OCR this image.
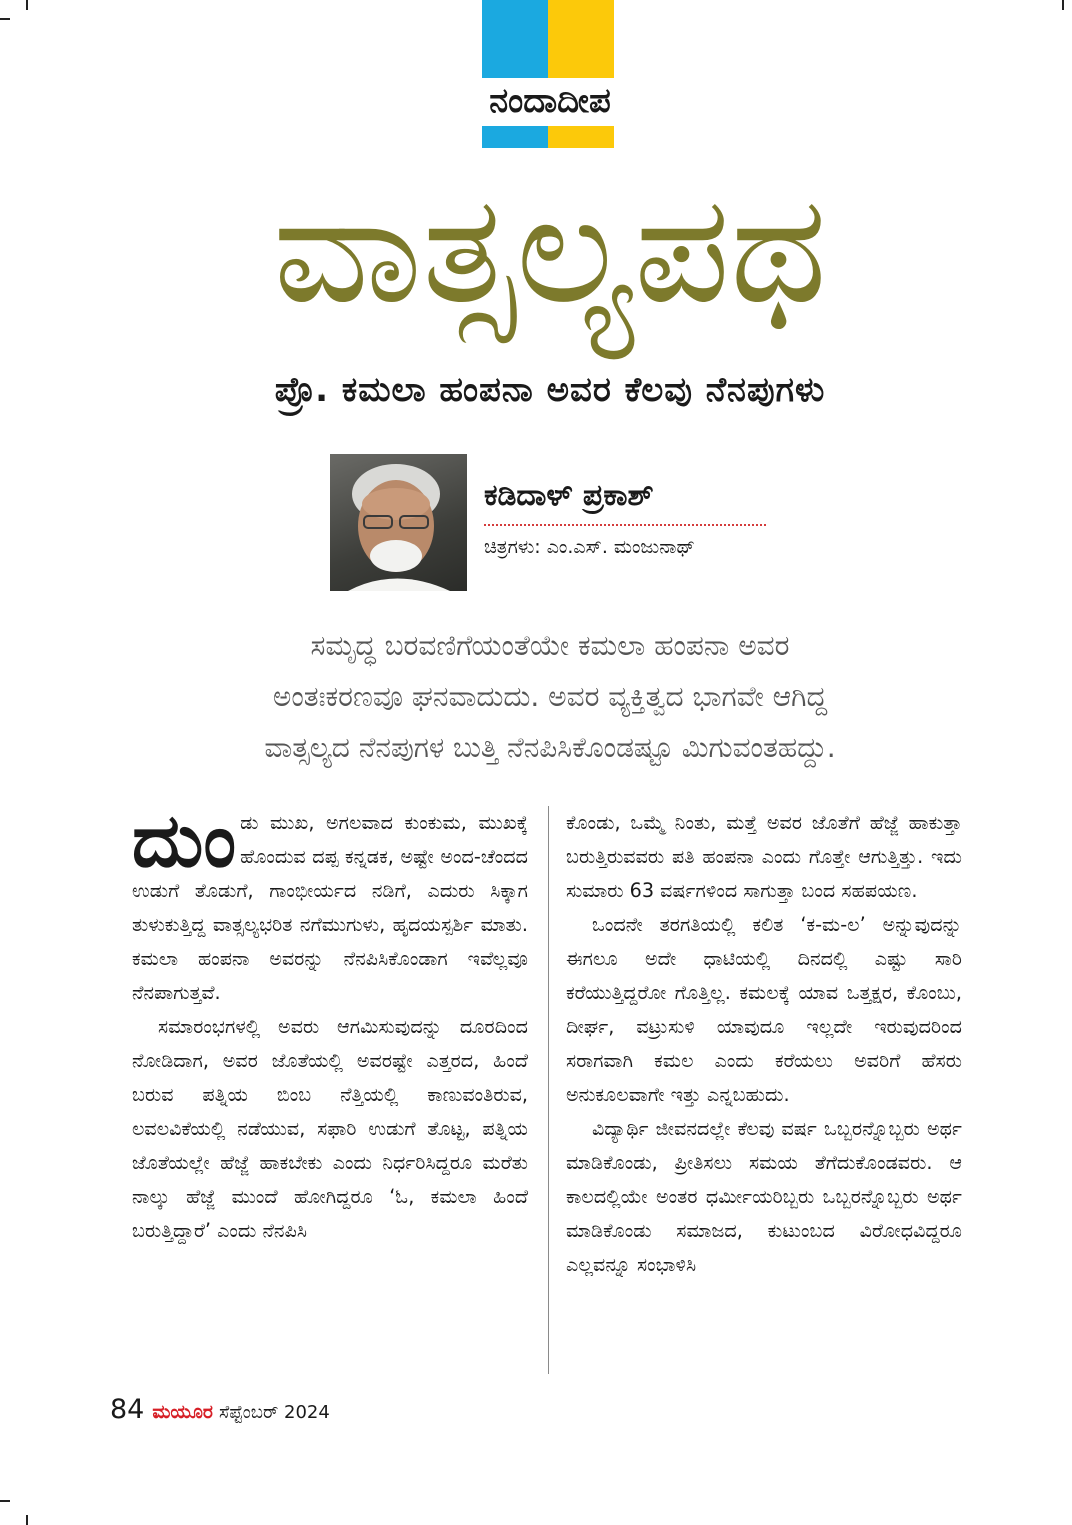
ನಂದಾದೀಪ
ವಾತ್ಸಲ್ಯಪಥ
ಪ್ರೊ. ಕಮಲಾ ಹಂಪನಾ ಅವರ ಕೆಲವು ನೆನಪುಗಳು
ಕಡಿದಾಳ್ ಪ್ರಕಾಶ್
ಚಿತ್ರಗಳು: ಎಂ.ಎಸ್. ಮಂಜುನಾಥ್
ಸಮೃದ್ಧ ಬರವಣಿಗೆಯಂತೆಯೇ ಕಮಲಾ ಹಂಪನಾ ಅವರ
ಅಂತಃಕರಣವೂ ಘನವಾದುದು. ಅವರ ವ್ಯಕ್ತಿತ್ವದ ಭಾಗವೇ ಆಗಿದ್ದ
ವಾತ್ಸಲ್ಯದ ನೆನಪುಗಳ ಬುತ್ತಿ ನೆನಪಿಸಿಕೊಂಡಷ್ಟೂ ಮಿಗುವಂತಹದ್ದು.

ದುಂಡು ಮುಖ, ಅಗಲವಾದ ಕುಂಕುಮ, ಮುಖಕ್ಕೆ ಹೊಂದುವ ದಪ್ಪ ಕನ್ನಡಕ, ಅಷ್ಟೇ ಅಂದ-ಚೆಂದದ ಉಡುಗೆ ತೊಡುಗೆ, ಗಾಂಭೀರ್ಯದ ನಡಿಗೆ, ಎದುರು ಸಿಕ್ಕಾಗ ತುಳುಕುತ್ತಿದ್ದ ವಾತ್ಸಲ್ಯಭರಿತ ನಗೆಮುಗುಳು, ಹೃದಯಸ್ಪರ್ಶಿ ಮಾತು. ಕಮಲಾ ಹಂಪನಾ ಅವರನ್ನು ನೆನಪಿಸಿಕೊಂಡಾಗ ಇವೆಲ್ಲವೂ ನೆನಪಾಗುತ್ತವೆ.

ಸಮಾರಂಭಗಳಲ್ಲಿ ಅವರು ಆಗಮಿಸುವುದನ್ನು ದೂರದಿಂದ ನೋಡಿದಾಗ, ಅವರ ಜೊತೆಯಲ್ಲಿ ಅವರಷ್ಟೇ ಎತ್ತರದ, ಹಿಂದೆ ಬರುವ ಪತ್ನಿಯ ಬಿಂಬ ನೆತ್ತಿಯಲ್ಲಿ ಕಾಣುವಂತಿರುವ, ಲವಲವಿಕೆಯಲ್ಲಿ ನಡೆಯುವ, ಸಫಾರಿ ಉಡುಗೆ ತೊಟ್ಟ, ಪತ್ನಿಯ ಜೊತೆಯಲ್ಲೇ ಹೆಜ್ಜೆ ಹಾಕಬೇಕು ಎಂದು ನಿರ್ಧರಿಸಿದ್ದರೂ ಮರೆತು ನಾಲ್ಕು ಹೆಜ್ಜೆ ಮುಂದೆ ಹೋಗಿದ್ದರೂ ‘ಓ, ಕಮಲಾ ಹಿಂದೆ ಬರುತ್ತಿದ್ದಾರೆ’ ಎಂದು ನೆನಪಿಸಿ

ಕೊಂಡು, ಒಮ್ಮೆ ನಿಂತು, ಮತ್ತೆ ಅವರ ಜೊತೆಗೆ ಹೆಜ್ಜೆ ಹಾಕುತ್ತಾ ಬರುತ್ತಿರುವವರು ಪತಿ ಹಂಪನಾ ಎಂದು ಗೊತ್ತೇ ಆಗುತ್ತಿತ್ತು. ಇದು ಸುಮಾರು 63 ವರ್ಷಗಳಿಂದ ಸಾಗುತ್ತಾ ಬಂದ ಸಹಪಯಣ.

ಒಂದನೇ ತರಗತಿಯಲ್ಲಿ ಕಲಿತ ‘ಕ-ಮ-ಲ’ ಅನ್ನುವುದನ್ನು ಈಗಲೂ ಅದೇ ಧಾಟಿಯಲ್ಲಿ ದಿನದಲ್ಲಿ ಎಷ್ಟು ಸಾರಿ ಕರೆಯುತ್ತಿದ್ದರೋ ಗೊತ್ತಿಲ್ಲ. ಕಮಲಕ್ಕೆ ಯಾವ ಒತ್ತಕ್ಷರ, ಕೊಂಬು, ದೀರ್ಘ, ವಟ್ರುಸುಳಿ ಯಾವುದೂ ಇಲ್ಲದೇ ಇರುವುದರಿಂದ ಸರಾಗವಾಗಿ ಕಮಲ ಎಂದು ಕರೆಯಲು ಅವರಿಗೆ ಹೆಸರು ಅನುಕೂಲವಾಗೇ ಇತ್ತು ಎನ್ನಬಹುದು.

ವಿದ್ಯಾರ್ಥಿ ಜೀವನದಲ್ಲೇ ಕೆಲವು ವರ್ಷ ಒಬ್ಬರನ್ನೊಬ್ಬರು ಅರ್ಥ ಮಾಡಿಕೊಂಡು, ಪ್ರೀತಿಸಲು ಸಮಯ ತೆಗೆದುಕೊಂಡವರು. ಆ ಕಾಲದಲ್ಲಿಯೇ ಅಂತರ ಧರ್ಮೀಯರಿಬ್ಬರು ಒಬ್ಬರನ್ನೊಬ್ಬರು ಅರ್ಥ ಮಾಡಿಕೊಂಡು ಸಮಾಜದ, ಕುಟುಂಬದ ವಿರೋಧವಿದ್ದರೂ ಎಲ್ಲವನ್ನೂ ಸಂಭಾಳಿಸಿ

84 ಮಯೂರ ಸೆಪ್ಟೆಂಬರ್ 2024
